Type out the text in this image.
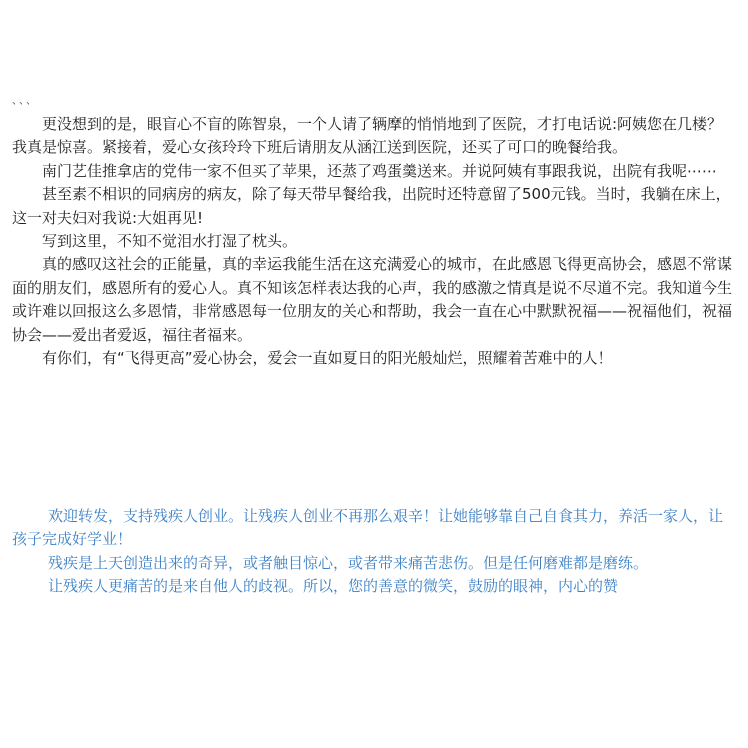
、、、

更没想到的是，眼盲心不盲的陈智泉，一个人请了辆摩的悄悄地到了医院，才打电话说:阿姨您在几楼？我真是惊喜。紧接着，爱心女孩玲玲下班后请朋友从涵江送到医院，还买了可口的晚餐给我。

南门艺佳推拿店的党伟一家不但买了苹果，还蒸了鸡蛋羹送来。并说阿姨有事跟我说，出院有我呢⋯⋯

甚至素不相识的同病房的病友，除了每天带早餐给我，出院时还特意留了500元钱。当时，我躺在床上，这一对夫妇对我说:大姐再见!

写到这里，不知不觉泪水打湿了枕头。

真的感叹这社会的正能量，真的幸运我能生活在这充满爱心的城市，在此感恩飞得更高协会，感恩不常谋面的朋友们，感恩所有的爱心人。真不知该怎样表达我的心声，我的感激之情真是说不尽道不完。我知道今生或许难以回报这么多恩情，非常感恩每一位朋友的关心和帮助，我会一直在心中默默祝福——祝福他们，祝福协会——爱出者爱返，福往者福来。

有你们，有“飞得更高”爱心协会，爱会一直如夏日的阳光般灿烂，照耀着苦难中的人！

欢迎转发，支持残疾人创业。让残疾人创业不再那么艰辛！让她能够靠自己自食其力，养活一家人，让孩子完成好学业！

残疾是上天创造出来的奇异，或者触目惊心，或者带来痛苦悲伤。但是任何磨难都是磨练。

让残疾人更痛苦的是来自他人的歧视。所以，您的善意的微笑，鼓励的眼神，内心的赞
